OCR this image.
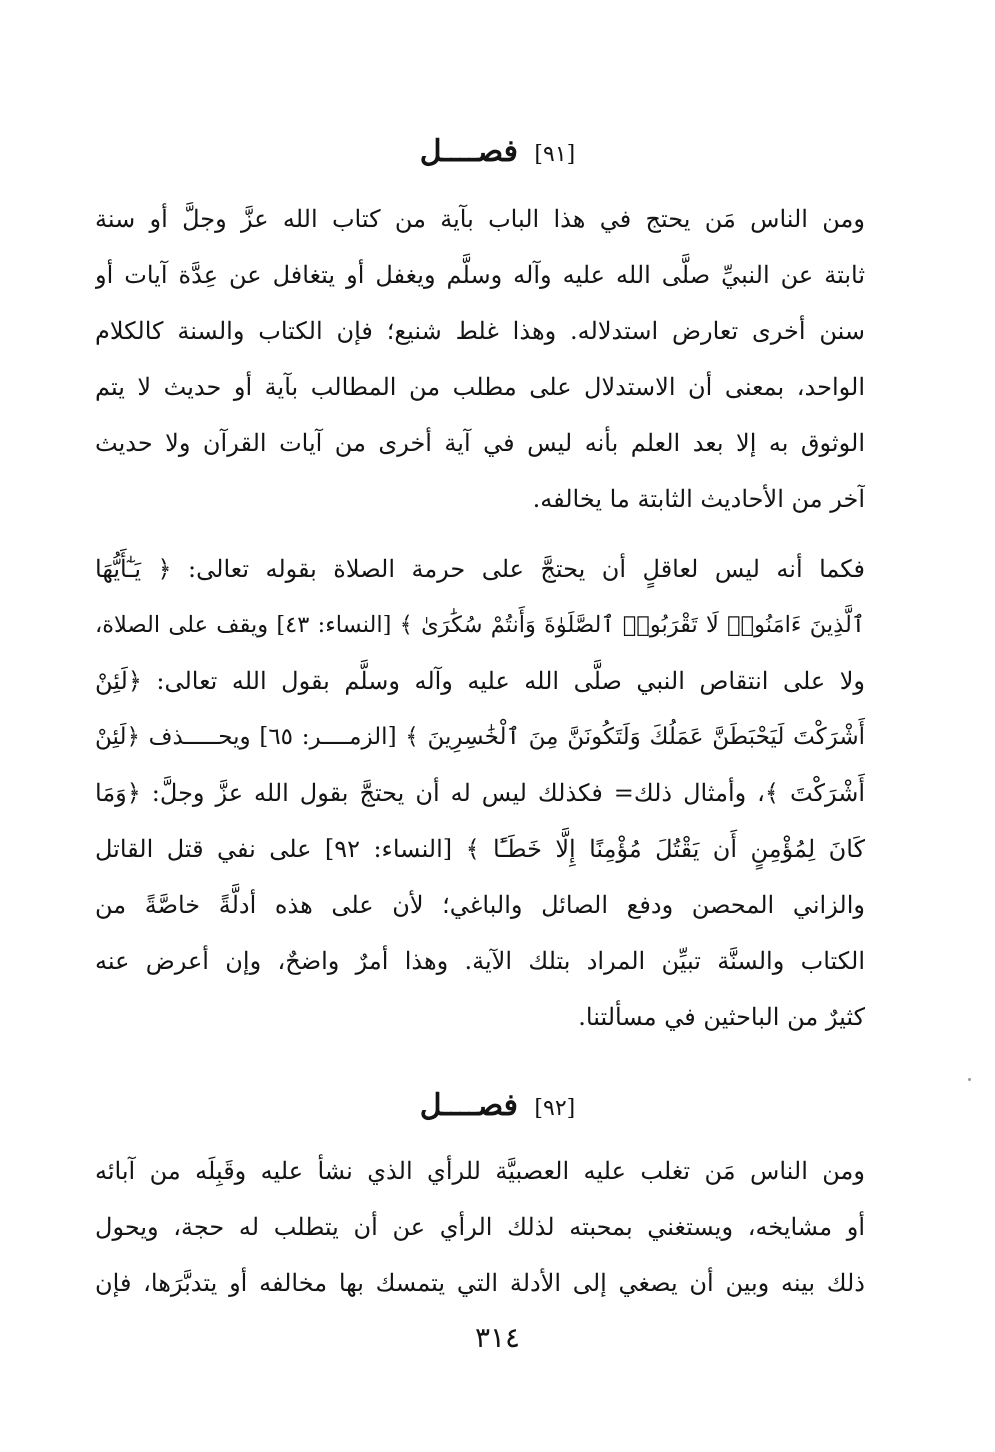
[٩١] فصــــل
ومن الناس مَن يحتج في هذا الباب بآية من كتاب الله عزَّ وجلَّ أو سنة
ثابتة عن النبيِّ صلَّى الله عليه وآله وسلَّم ويغفل أو يتغافل عن عِدَّة آيات أو
سنن أخرى تعارض استدلاله. وهذا غلط شنيع؛ فإن الكتاب والسنة كالكلام
الواحد، بمعنى أن الاستدلال على مطلب من المطالب بآية أو حديث لا يتم
الوثوق به إلا بعد العلم بأنه ليس في آية أخرى من آيات القرآن ولا حديث
آخر من الأحاديث الثابتة ما يخالفه.
فكما أنه ليس لعاقلٍ أن يحتجَّ على حرمة الصلاة بقوله تعالى: ﴿ يَـٰٓأَيُّهَا
ٱلَّذِينَ ءَامَنُوا۟ لَا تَقْرَبُوا۟ ٱلصَّلَوٰةَ وَأَنتُمْ سُكَٰرَىٰ ﴾ [النساء: ٤٣] ويقف على الصلاة،
ولا على انتقاص النبي صلَّى الله عليه وآله وسلَّم بقول الله تعالى: ﴿لَئِنْ
أَشْرَكْتَ لَيَحْبَطَنَّ عَمَلُكَ وَلَتَكُونَنَّ مِنَ ٱلْخَٰسِرِينَ ﴾ [الزمــــر: ٦٥] ويحـــــذف ﴿لَئِنْ
أَشْرَكْتَ ﴾، وأمثال ذلك= فكذلك ليس له أن يحتجَّ بقول الله عزَّ وجلَّ: ﴿وَمَا
كَانَ لِمُؤْمِنٍ أَن يَقْتُلَ مُؤْمِنًا إِلَّا خَطَـًٔا ﴾ [النساء: ٩٢] على نفي قتل القاتل
والزاني المحصن ودفع الصائل والباغي؛ لأن على هذه أدلَّةً خاصَّةً من
الكتاب والسنَّة تبيِّن المراد بتلك الآية. وهذا أمرٌ واضحٌ، وإن أعرض عنه
كثيرٌ من الباحثين في مسألتنا.
[٩٢] فصــــل
ومن الناس مَن تغلب عليه العصبيَّة للرأي الذي نشأ عليه وقَبِلَه من آبائه
أو مشايخه، ويستغني بمحبته لذلك الرأي عن أن يتطلب له حجة، ويحول
ذلك بينه وبين أن يصغي إلى الأدلة التي يتمسك بها مخالفه أو يتدبَّرَها، فإن
٣١٤
